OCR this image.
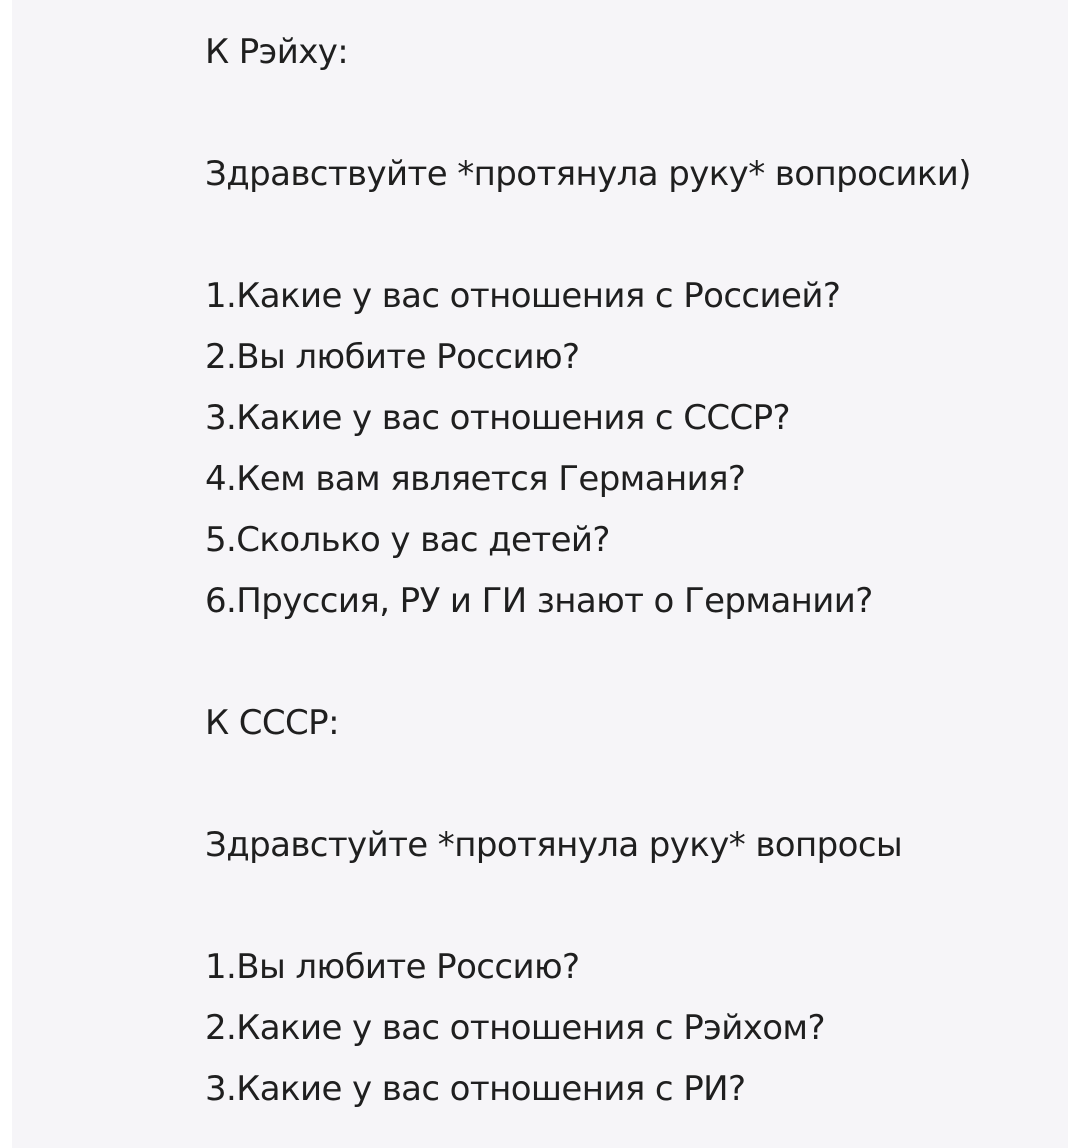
К Рэйху:
Здравствуйте *протянула руку* вопросики)
1.Какие у вас отношения с Россией?
2.Вы любите Россию?
3.Какие у вас отношения с СССР?
4.Кем вам является Германия?
5.Сколько у вас детей?
6.Пруссия, РУ и ГИ знают о Германии?
К СССР:
Здравстуйте *протянула руку* вопросы
1.Вы любите Россию?
2.Какие у вас отношения с Рэйхом?
3.Какие у вас отношения с РИ?
